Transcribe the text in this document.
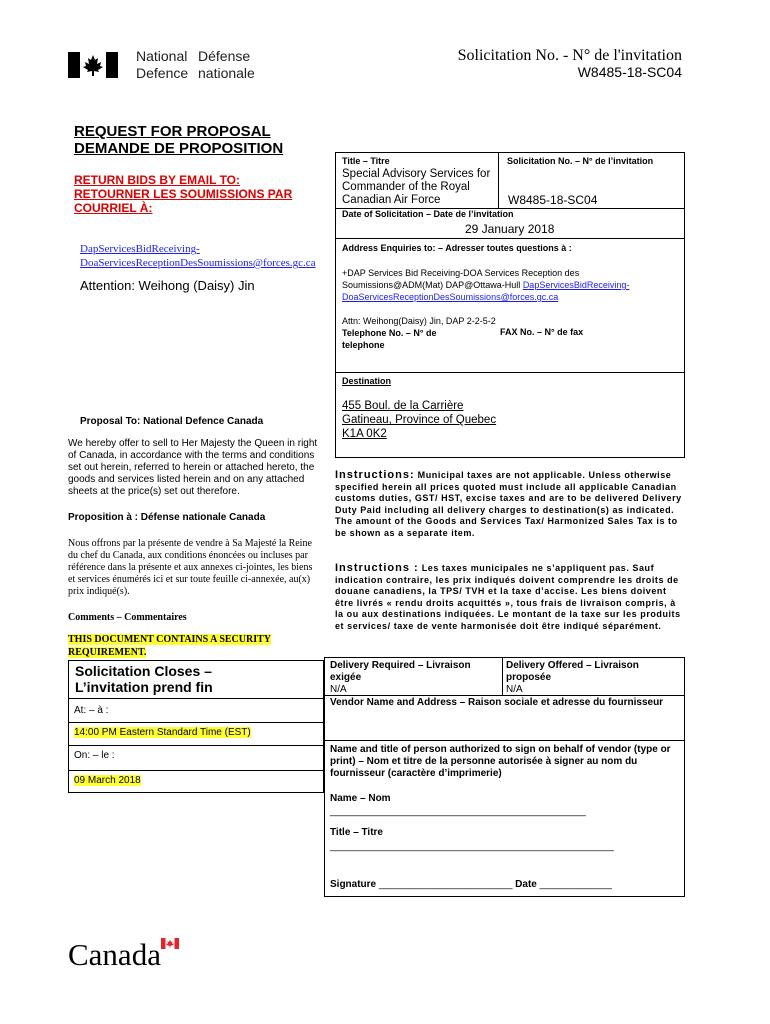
National
Defence
Défense
nationale
Solicitation No. - N° de l'invitation
W8485-18-SC04
REQUEST FOR PROPOSAL
DEMANDE DE PROPOSITION
RETURN BIDS BY EMAIL TO:
RETOURNER LES SOUMISSIONS PAR
COURRIEL À:
DapServicesBidReceiving-
DoaServicesReceptionDesSoumissions@forces.gc.ca
Attention: Weihong (Daisy) Jin
Proposal To: National Defence Canada
We hereby offer to sell to Her Majesty the Queen in right of Canada, in accordance with the terms and conditions set out herein, referred to herein or attached hereto, the goods and services listed herein and on any attached sheets at the price(s) set out therefore.
Proposition à : Défense nationale Canada
Nous offrons par la présente de vendre à Sa Majesté la Reine du chef du Canada, aux conditions énoncées ou incluses par référence dans la présente et aux annexes ci-jointes, les biens et services énumérés ici et sur toute feuille ci-annexée, au(x) prix indiqué(s).
Comments – Commentaires
THIS DOCUMENT CONTAINS A SECURITY
REQUIREMENT.
Solicitation Closes –
L’invitation prend fin
At: – à :
14:00 PM Eastern Standard Time (EST)
On: – le :
09 March 2018
Title – Titre
Special Advisory Services for
Commander of the Royal
Canadian Air Force
Solicitation No. – N° de l’invitation
W8485-18-SC04
Date of Solicitation – Date de l’invitation
29 January 2018
Address Enquiries to: – Adresser toutes questions à :
+DAP Services Bid Receiving-DOA Services Reception des
Soumissions@ADM(Mat) DAP@Ottawa-Hull DapServicesBidReceiving-
DoaServicesReceptionDesSoumissions@forces.gc.ca
Attn: Weihong(Daisy) Jin, DAP 2-2-5-2
Telephone No. – N° de
telephone
FAX No. – N° de fax
Destination
455 Boul. de la Carrière
Gatineau, Province of Quebec
K1A 0K2
Instructions: Municipal taxes are not applicable. Unless otherwise specified herein all prices quoted must include all applicable Canadian customs duties, GST/ HST, excise taxes and are to be delivered Delivery Duty Paid including all delivery charges to destination(s) as indicated. The amount of the Goods and Services Tax/ Harmonized Sales Tax is to be shown as a separate item.
Instructions : Les taxes municipales ne s’appliquent pas. Sauf indication contraire, les prix indiqués doivent comprendre les droits de douane canadiens, la TPS/ TVH et la taxe d’accise. Les biens doivent être livrés « rendu droits acquittés », tous frais de livraison compris, à la ou aux destinations indiquées. Le montant de la taxe sur les produits et services/ taxe de vente harmonisée doit être indiqué séparément.
Delivery Required – Livraison
exigée
N/A
Delivery Offered – Livraison
proposée
N/A
Vendor Name and Address – Raison sociale et adresse du fournisseur
Name and title of person authorized to sign on behalf of vendor (type or print) – Nom et titre de la personne autorisée à signer au nom du fournisseur (caractère d’imprimerie)
Name – Nom
______________________________________________
Title – Titre
___________________________________________________
Signature ________________________ Date _____________
Canada
